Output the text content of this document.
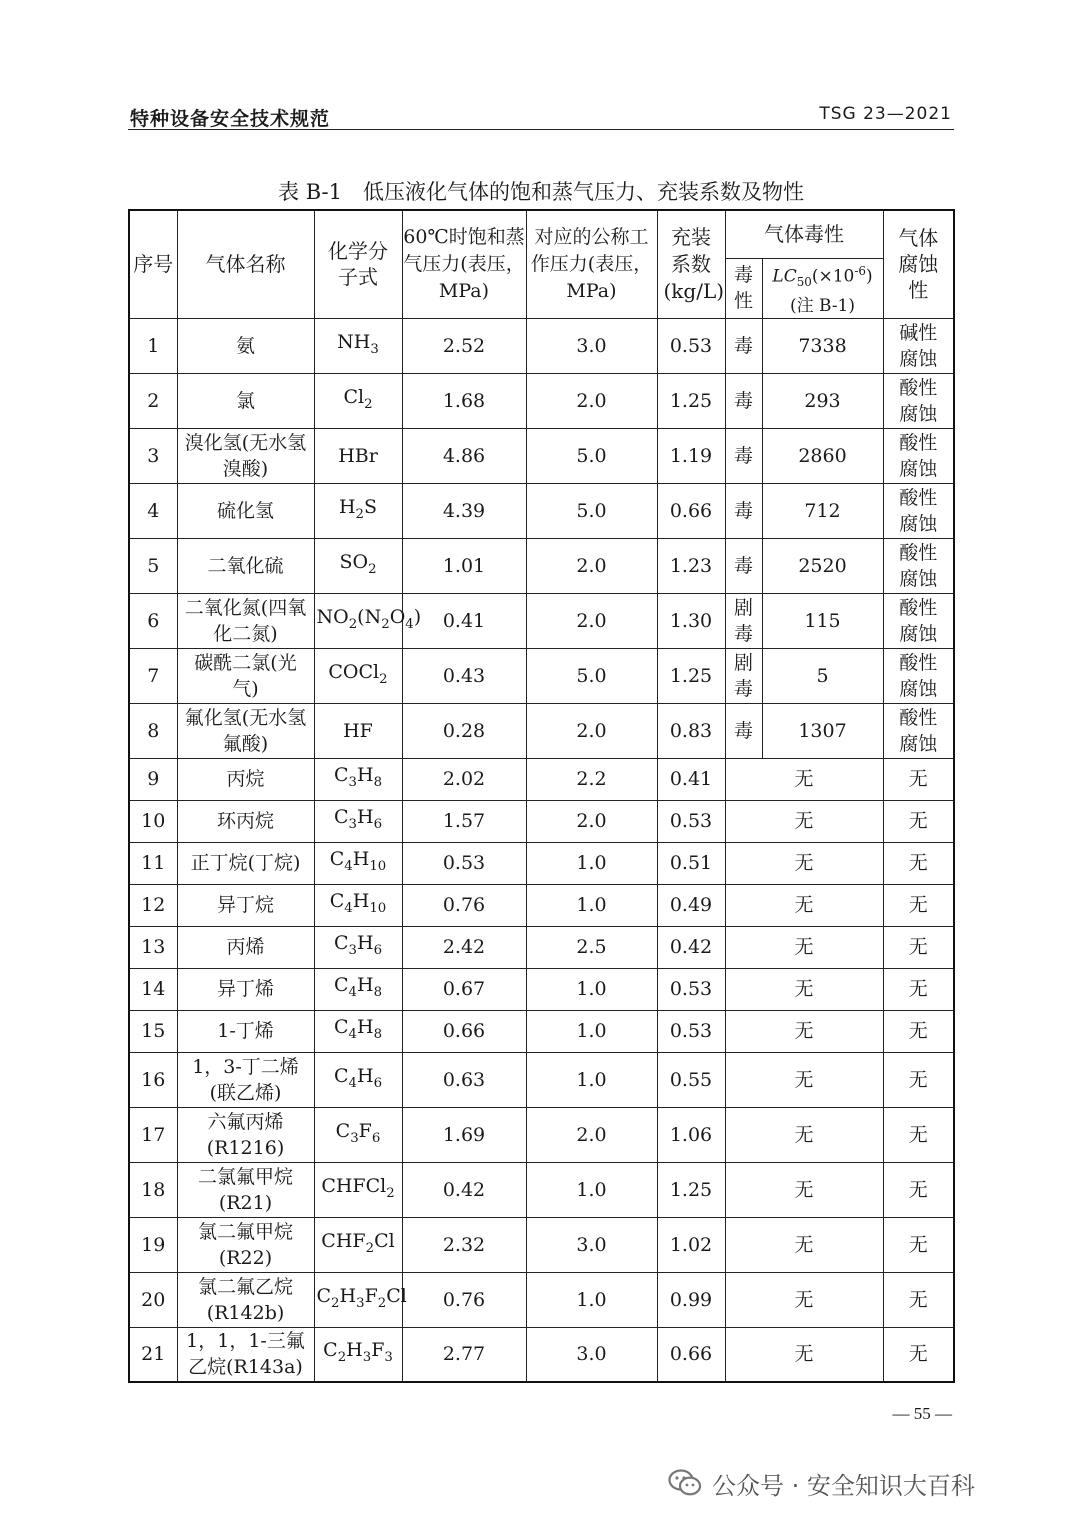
特种设备安全技术规范	TSG 23—2021
表 B-1　低压液化气体的饱和蒸气压力、充装系数及物性
序号	气体名称	化学分子式	60℃时饱和蒸气压力(表压，MPa)	对应的公称工作压力(表压，MPa)	充装系数(kg/L)	气体毒性		气体腐蚀性
						毒性	$LC_{50}(\times 10^{-6})$
(注 B-1)	
1	氨	$NH_3$	2.52	3.0	0.53	毒	7338	碱性腐蚀
2	氯	$Cl_2$	1.68	2.0	1.25	毒	293	酸性腐蚀
3	溴化氢(无水氢溴酸)	HBr	4.86	5.0	1.19	毒	2860	酸性腐蚀
4	硫化氢	$H_2S$	4.39	5.0	0.66	毒	712	酸性腐蚀
5	二氧化硫	$SO_2$	1.01	2.0	1.23	毒	2520	酸性腐蚀
6	二氧化氮(四氧化二氮)	$NO_2(N_2O_4)$	0.41	2.0	1.30	剧毒	115	酸性腐蚀
7	碳酰二氯(光气)	COCl$_2$	0.43	5.0	1.25	剧毒	5	酸性腐蚀
8	氟化氢(无水氢氟酸)	HF	0.28	2.0	0.83	毒	1307	酸性腐蚀
9	丙烷	$C_3H_8$	2.02	2.2	0.41	无		无
10	环丙烷	$C_3H_6$	1.57	2.0	0.53	无		无
11	正丁烷(丁烷)	$C_4H_{10}$	0.53	1.0	0.51	无		无
12	异丁烷	$C_4H_{10}$	0.76	1.0	0.49	无		无
13	丙烯	$C_3H_6$	2.42	2.5	0.42	无		无
14	异丁烯	$C_4H_8$	0.67	1.0	0.53	无		无
15	1-丁烯	$C_4H_8$	0.66	1.0	0.53	无		无
16	1，3-丁二烯(联乙烯)	$C_4H_6$	0.63	1.0	0.55	无		无
17	六氟丙烯(R1216)	$C_3F_6$	1.69	2.0	1.06	无		无
18	二氯氟甲烷(R21)	CHFCl$_2$	0.42	1.0	1.25	无		无
19	氯二氟甲烷(R22)	$CHF_2Cl$	2.32	3.0	1.02	无		无
20	氯二氟乙烷(R142b)	$C_2H_3F_2Cl$	0.76	1.0	0.99	无		无
21	1，1，1-三氟乙烷(R143a)	$C_2H_3F_3$	2.77	3.0	0.66	无		无
— 55 —
公众号 · 安全知识大百科
